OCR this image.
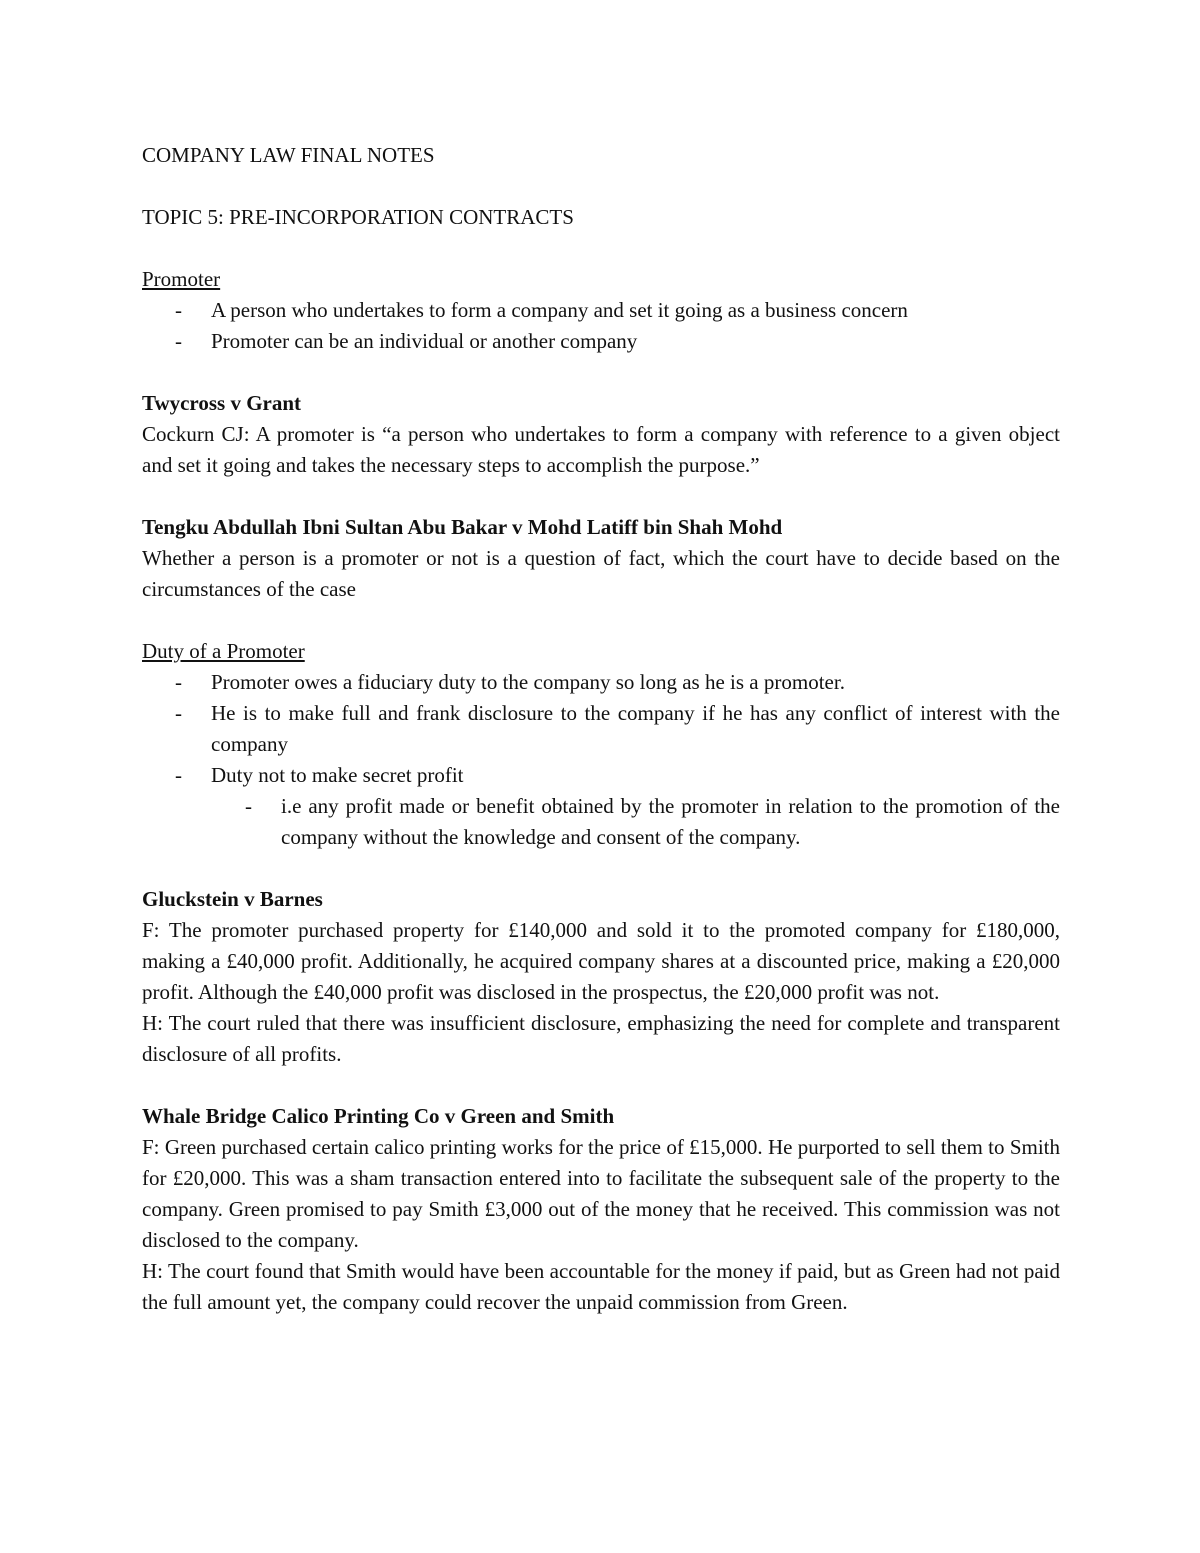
COMPANY LAW FINAL NOTES

TOPIC 5: PRE-INCORPORATION CONTRACTS

Promoter

- A person who undertakes to form a company and set it going as a business concern
- Promoter can be an individual or another company

Twycross v Grant

Cockurn CJ: A promoter is “a person who undertakes to form a company with reference to a given object and set it going and takes the necessary steps to accomplish the purpose.”

Tengku Abdullah Ibni Sultan Abu Bakar v Mohd Latiff bin Shah Mohd

Whether a person is a promoter or not is a question of fact, which the court have to decide based on the circumstances of the case

Duty of a Promoter

- Promoter owes a fiduciary duty to the company so long as he is a promoter.
- He is to make full and frank disclosure to the company if he has any conflict of interest with the company
- Duty not to make secret profit
- i.e any profit made or benefit obtained by the promoter in relation to the promotion of the company without the knowledge and consent of the company.

Gluckstein v Barnes

F: The promoter purchased property for £140,000 and sold it to the promoted company for £180,000, making a £40,000 profit. Additionally, he acquired company shares at a discounted price, making a £20,000 profit. Although the £40,000 profit was disclosed in the prospectus, the £20,000 profit was not.

H: The court ruled that there was insufficient disclosure, emphasizing the need for complete and transparent disclosure of all profits.

Whale Bridge Calico Printing Co v Green and Smith

F: Green purchased certain calico printing works for the price of £15,000. He purported to sell them to Smith for £20,000. This was a sham transaction entered into to facilitate the subsequent sale of the property to the company. Green promised to pay Smith £3,000 out of the money that he received. This commission was not disclosed to the company.

H: The court found that Smith would have been accountable for the money if paid, but as Green had not paid the full amount yet, the company could recover the unpaid commission from Green.
